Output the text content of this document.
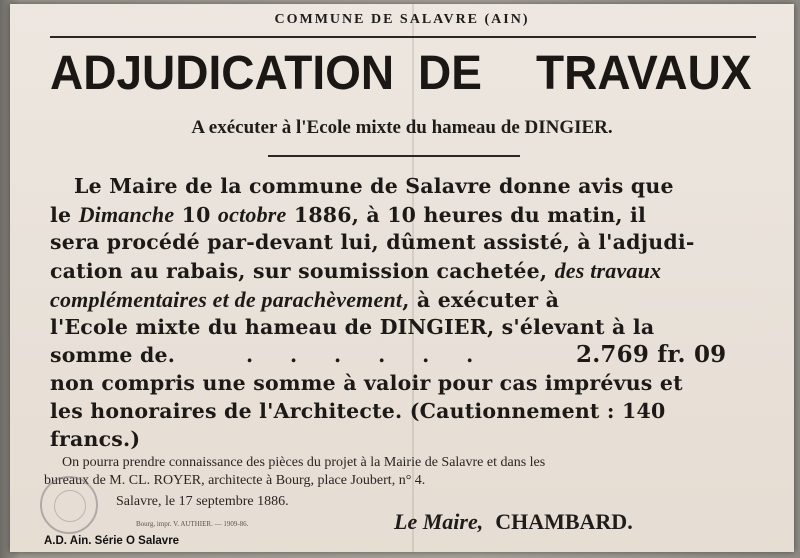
COMMUNE DE SALAVRE (AIN)
ADJUDICATION DE TRAVAUX
A exécuter à l'Ecole mixte du hameau de DINGIER.
Le Maire de la commune de Salavre donne avis que
le Dimanche 10 octobre 1886, à 10 heures du matin, il
sera procédé par-devant lui, dûment assisté, à l'adjudi-
cation au rabais, sur soumission cachetée, des travaux
complémentaires et de parachèvement, à exécuter à
l'Ecole mixte du hameau de DINGIER, s'élevant à la
somme de.	.     .     .     .     .     .	2.769 fr. 09
non compris une somme à valoir pour cas imprévus et
les honoraires de l'Architecte. (Cautionnement : 140
francs.)
On pourra prendre connaissance des pièces du projet à la Mairie de Salavre et dans les
bureaux de M. CL. ROYER, architecte à Bourg, place Joubert, n° 4.
Salavre, le 17 septembre 1886.
Bourg, impr. V. AUTHIER. — 1909-86.	Le Maire, CHAMBARD.
A.D. Ain. Série O Salavre
